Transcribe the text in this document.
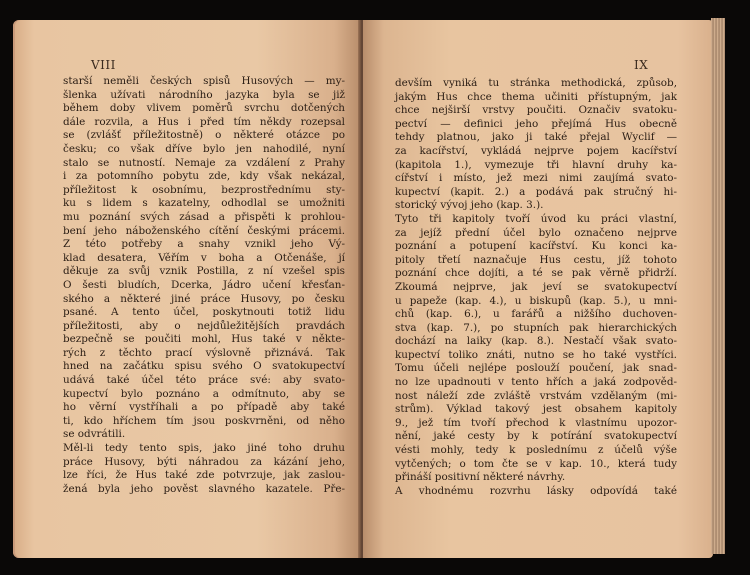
VIII
starší neměli českých spisů Husových — my-
šlenka užívati národního jazyka byla se již
během doby vlivem poměrů svrchu dotčených
dále rozvila, a Hus i před tím někdy rozepsal
se (zvlášť příležitostně) o některé otázce po
česku; co však dříve bylo jen nahodilé, nyní
stalo se nutností. Nemaje za vzdálení z Prahy
i za potomního pobytu zde, kdy však nekázal,
příležitost k osobnímu, bezprostřednímu sty-
ku s lidem s kazatelny, odhodlal se umožniti
mu poznání svých zásad a přispěti k prohlou-
bení jeho náboženského cítění českými prácemi.
Z této potřeby a snahy vznikl jeho Vý-
klad desatera, Věřím v boha a Otčenáše, jí
děkuje za svůj vznik Postilla, z ní vzešel spis
O šesti bludích, Dcerka, Jádro učení křesťan-
ského a některé jiné práce Husovy, po česku
psané. A tento účel, poskytnouti totiž lidu
příležitosti, aby o nejdůležitějších pravdách
bezpečně se poučiti mohl, Hus také v někte-
rých z těchto prací výslovně přiznává. Tak
hned na začátku spisu svého O svatokupectví
udává také účel této práce své: aby svato-
kupectví bylo poznáno a odmítnuto, aby se
ho věrní vystříhali a po případě aby také
ti, kdo hříchem tím jsou poskvrněni, od něho
se odvrátili.
Měl-li tedy tento spis, jako jiné toho druhu
práce Husovy, býti náhradou za kázání jeho,
lze říci, že Hus také zde potvrzuje, jak zaslou-
žená byla jeho pověst slavného kazatele. Pře-
IX
devším vyniká tu stránka methodická, způsob,
jakým Hus chce thema učiniti přístupným, jak
chce nejširší vrstvy poučiti. Označiv svatoku-
pectví — definici jeho přejímá Hus obecně
tehdy platnou, jako ji také přejal Wyclif —
za kacířství, vykládá nejprve pojem kacířství
(kapitola 1.), vymezuje tři hlavní druhy ka-
cířství i místo, jež mezi nimi zaujímá svato-
kupectví (kapit. 2.) a podává pak stručný hi-
storický vývoj jeho (kap. 3.).
Tyto tři kapitoly tvoří úvod ku práci vlastní,
za jejíž přední účel bylo označeno nejprve
poznání a potupení kacířství. Ku konci ka-
pitoly třetí naznačuje Hus cestu, jíž tohoto
poznání chce dojíti, a té se pak věrně přidrží.
Zkoumá nejprve, jak jeví se svatokupectví
u papeže (kap. 4.), u biskupů (kap. 5.), u mni-
chů (kap. 6.), u farářů a nižšího duchoven-
stva (kap. 7.), po stupních pak hierarchických
dochází na laiky (kap. 8.). Nestačí však svato-
kupectví toliko znáti, nutno se ho také vystříci.
Tomu účeli nejlépe poslouží poučení, jak snad-
no lze upadnouti v tento hřích a jaká zodpověd-
nost náleží zde zvláště vrstvám vzdělaným (mi-
strům). Výklad takový jest obsahem kapitoly
9., jež tím tvoří přechod k vlastnímu upozor-
nění, jaké cesty by k potírání svatokupectví
vésti mohly, tedy k poslednímu z účelů výše
vytčených; o tom čte se v kap. 10., která tudy
přináší positivní některé návrhy.
A vhodnému rozvrhu lásky odpovídá také
